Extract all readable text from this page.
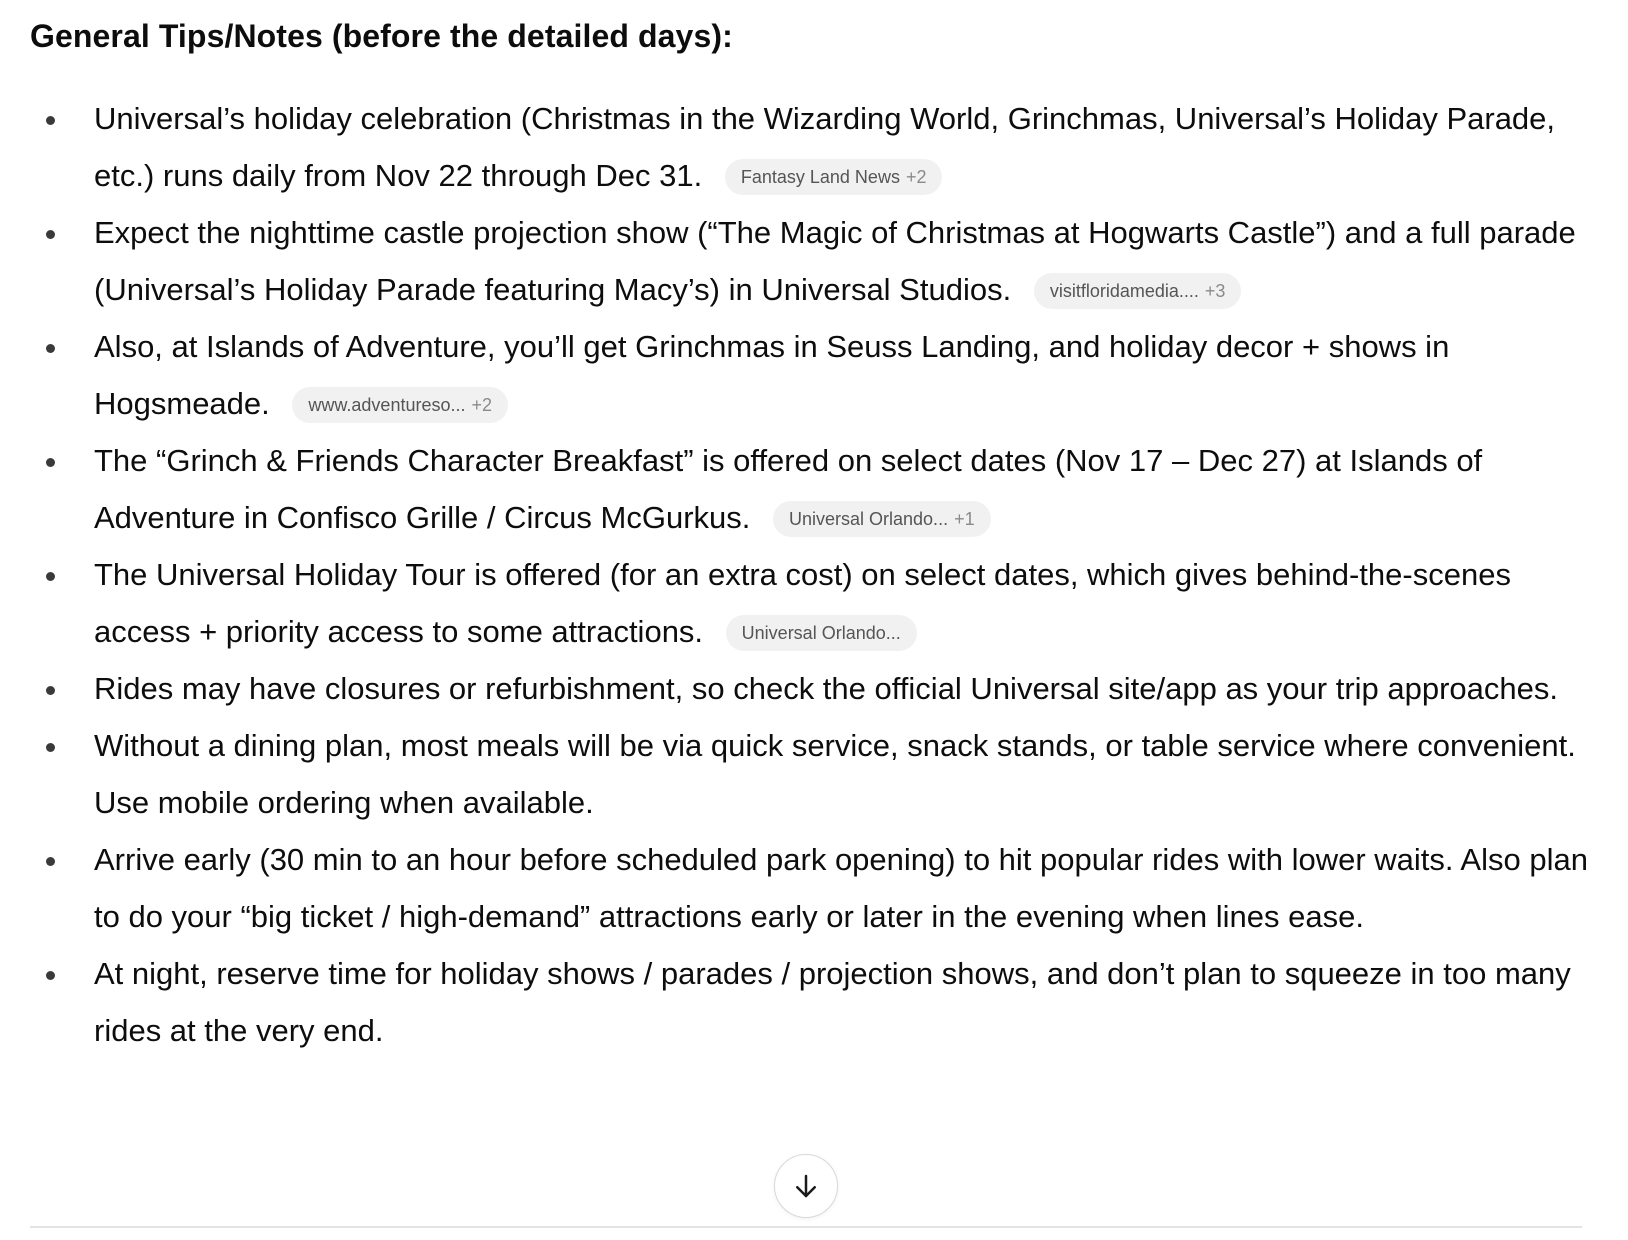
General Tips/Notes (before the detailed days):
Universal’s holiday celebration (Christmas in the Wizarding World, Grinchmas, Universal’s Holiday Parade, etc.) runs daily from Nov 22 through Dec 31. Fantasy Land News +2
Expect the nighttime castle projection show (“The Magic of Christmas at Hogwarts Castle”) and a full parade (Universal’s Holiday Parade featuring Macy’s) in Universal Studios. visitfloridamedia.... +3
Also, at Islands of Adventure, you’ll get Grinchmas in Seuss Landing, and holiday decor + shows in Hogsmeade. www.adventureso... +2
The “Grinch & Friends Character Breakfast” is offered on select dates (Nov 17 – Dec 27) at Islands of Adventure in Confisco Grille / Circus McGurkus. Universal Orlando... +1
The Universal Holiday Tour is offered (for an extra cost) on select dates, which gives behind-the-scenes access + priority access to some attractions. Universal Orlando...
Rides may have closures or refurbishment, so check the official Universal site/app as your trip approaches.
Without a dining plan, most meals will be via quick service, snack stands, or table service where convenient. Use mobile ordering when available.
Arrive early (30 min to an hour before scheduled park opening) to hit popular rides with lower waits. Also plan to do your “big ticket / high-demand” attractions early or later in the evening when lines ease.
At night, reserve time for holiday shows / parades / projection shows, and don’t plan to squeeze in too many rides at the very end.
